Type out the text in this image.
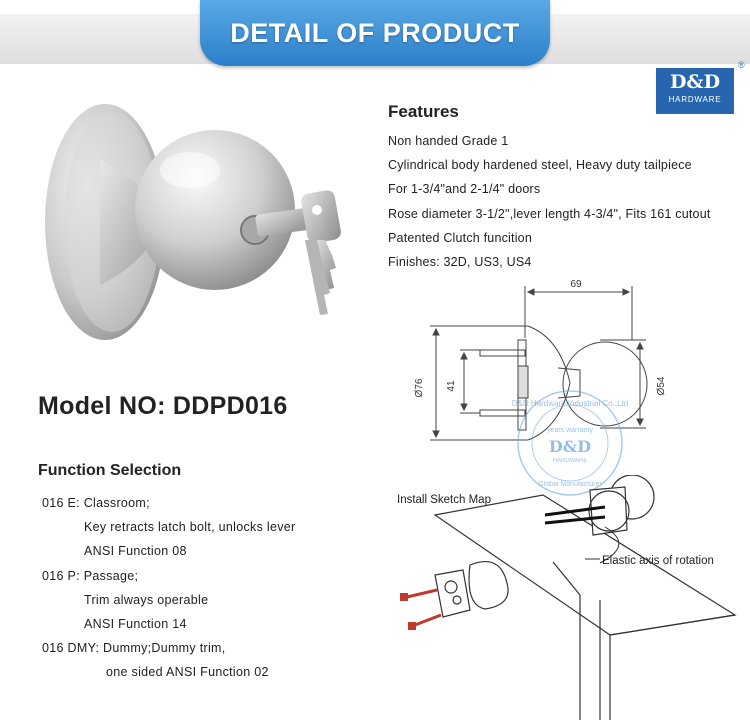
DETAIL OF PRODUCT
D&D
HARDWARE
®
Model NO: DDPD016
Features
Non handed Grade 1
Cylindrical body hardened steel, Heavy duty tailpiece
For 1-3/4"and 2-1/4" doors
Rose diameter 3-1/2",lever length 4-3/4", Fits 161 cutout
Patented Clutch funcition
Finishes: 32D, US3, US4
Function Selection
016 E: Classroom;
Key retracts latch bolt, unlocks lever
ANSI Function 08
016 P: Passage;
Trim always operable
ANSI Function 14
016 DMY: Dummy;Dummy trim,
one sided ANSI Function 02
69
Ø76 41	Ø54
D&D Hardware Industrial Co.,Ltd
years warranty
D&D
HARDWARE
Global Manufacturer
Install Sketch Map
Elastic axis of rotation
